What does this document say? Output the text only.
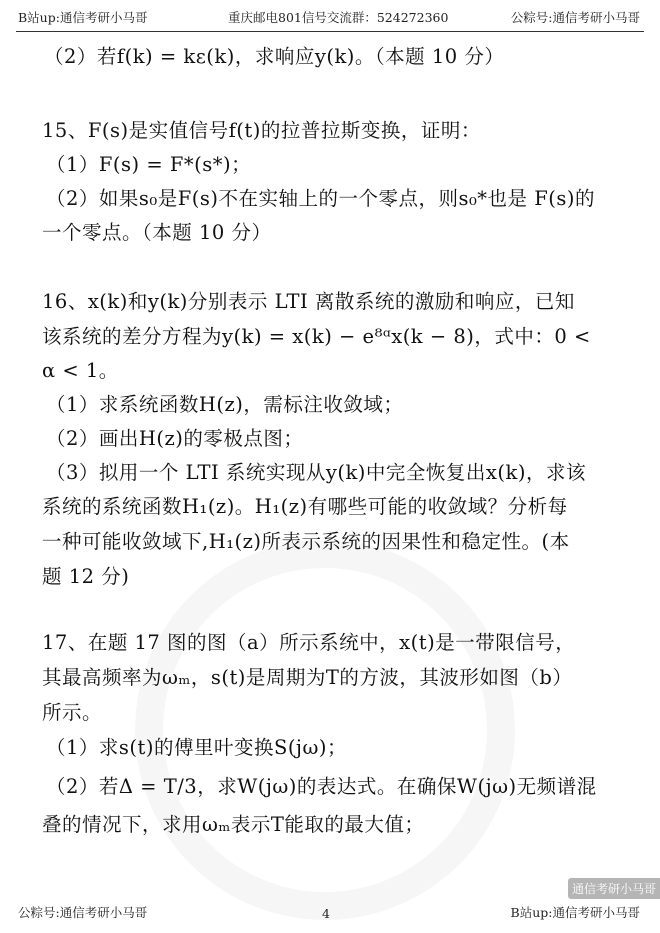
B站up:通信考研小马哥	重庆邮电801信号交流群：524272360	公粽号:通信考研小马哥
（2）若f(k) = kε(k)，求响应y(k)。（本题 10 分）
15、F(s)是实值信号f(t)的拉普拉斯变换，证明：
（1）F(s) = F*(s*)；
（2）如果s₀是F(s)不在实轴上的一个零点，则s₀*也是 F(s)的
一个零点。（本题 10 分）
16、x(k)和y(k)分别表示 LTI 离散系统的激励和响应，已知
该系统的差分方程为y(k) = x(k) − e⁸ᵅx(k − 8)，式中：0 <
α < 1。
（1）求系统函数H(z)，需标注收敛域；
（2）画出H(z)的零极点图；
（3）拟用一个 LTI 系统实现从y(k)中完全恢复出x(k)，求该
系统的系统函数H₁(z)。H₁(z)有哪些可能的收敛域？分析每
一种可能收敛域下,H₁(z)所表示系统的因果性和稳定性。(本
题 12 分)
17、在题 17 图的图（a）所示系统中，x(t)是一带限信号，
其最高频率为ωₘ，s(t)是周期为T的方波，其波形如图（b）
所示。
（1）求s(t)的傅里叶变换S(jω)；
（2）若Δ = T/3，求W(jω)的表达式。在确保W(jω)无频谱混
叠的情况下，求用ωₘ表示T能取的最大值；
通信考研小马哥
公粽号:通信考研小马哥	4	B站up:通信考研小马哥
